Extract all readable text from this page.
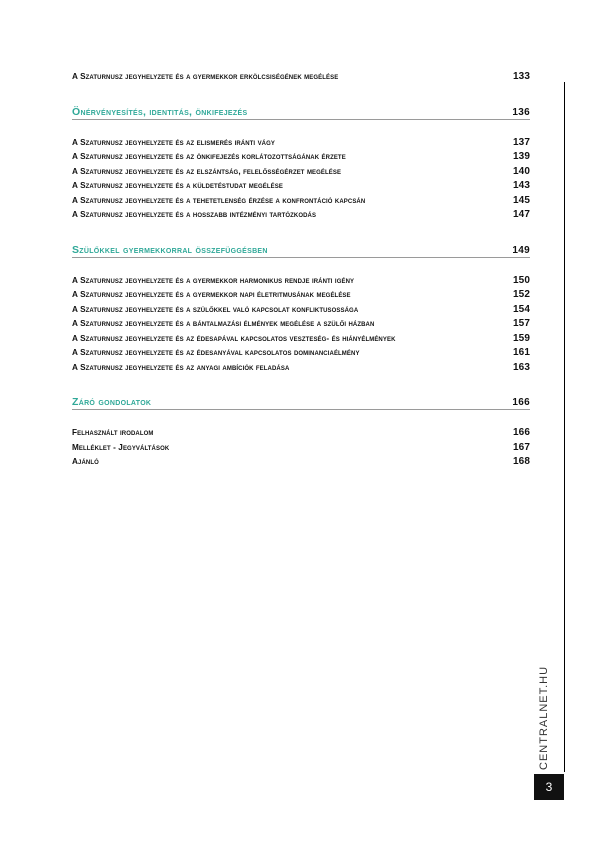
A Szaturnusz jegyhelyzete és a gyermekkor erkölcsiségének megélése	133
Önérvényesítés, identitás, önkifejezés	136
A Szaturnusz jegyhelyzete és az elismerés iránti vágy	137
A Szaturnusz jegyhelyzete és az önkifejezés korlátozottságának érzete	139
A Szaturnusz jegyhelyzete és az elszántság, felelősségérzet megélése	140
A Szaturnusz jegyhelyzete és a küldetéstudat megélése	143
A Szaturnusz jegyhelyzete és a tehetetlenség érzése a konfrontáció kapcsán	145
A Szaturnusz jegyhelyzete és a hosszabb intézményi tartózkodás	147
Szülőkkel gyermekkorral összefüggésben	149
A Szaturnusz jegyhelyzete és a gyermekkor harmonikus rendje iránti igény	150
A Szaturnusz jegyhelyzete és a gyermekkor napi életritmusának megélése	152
A Szaturnusz jegyhelyzete és a szülőkkel való kapcsolat konfliktusossága	154
A Szaturnusz jegyhelyzete és a bántalmazási élmények megélése a szülői házban	157
A Szaturnusz jegyhelyzete és az édesapával kapcsolatos veszteség- és hiányélmények	159
A Szaturnusz jegyhelyzete és az édesanyával kapcsolatos dominanciaélmény	161
A Szaturnusz jegyhelyzete és az anyagi ambíciók feladása	163
Záró gondolatok	166
Felhasznált irodalom	166
Melléklet - Jegyváltások	167
Ajánló	168
CENTRALNET.HU
3
